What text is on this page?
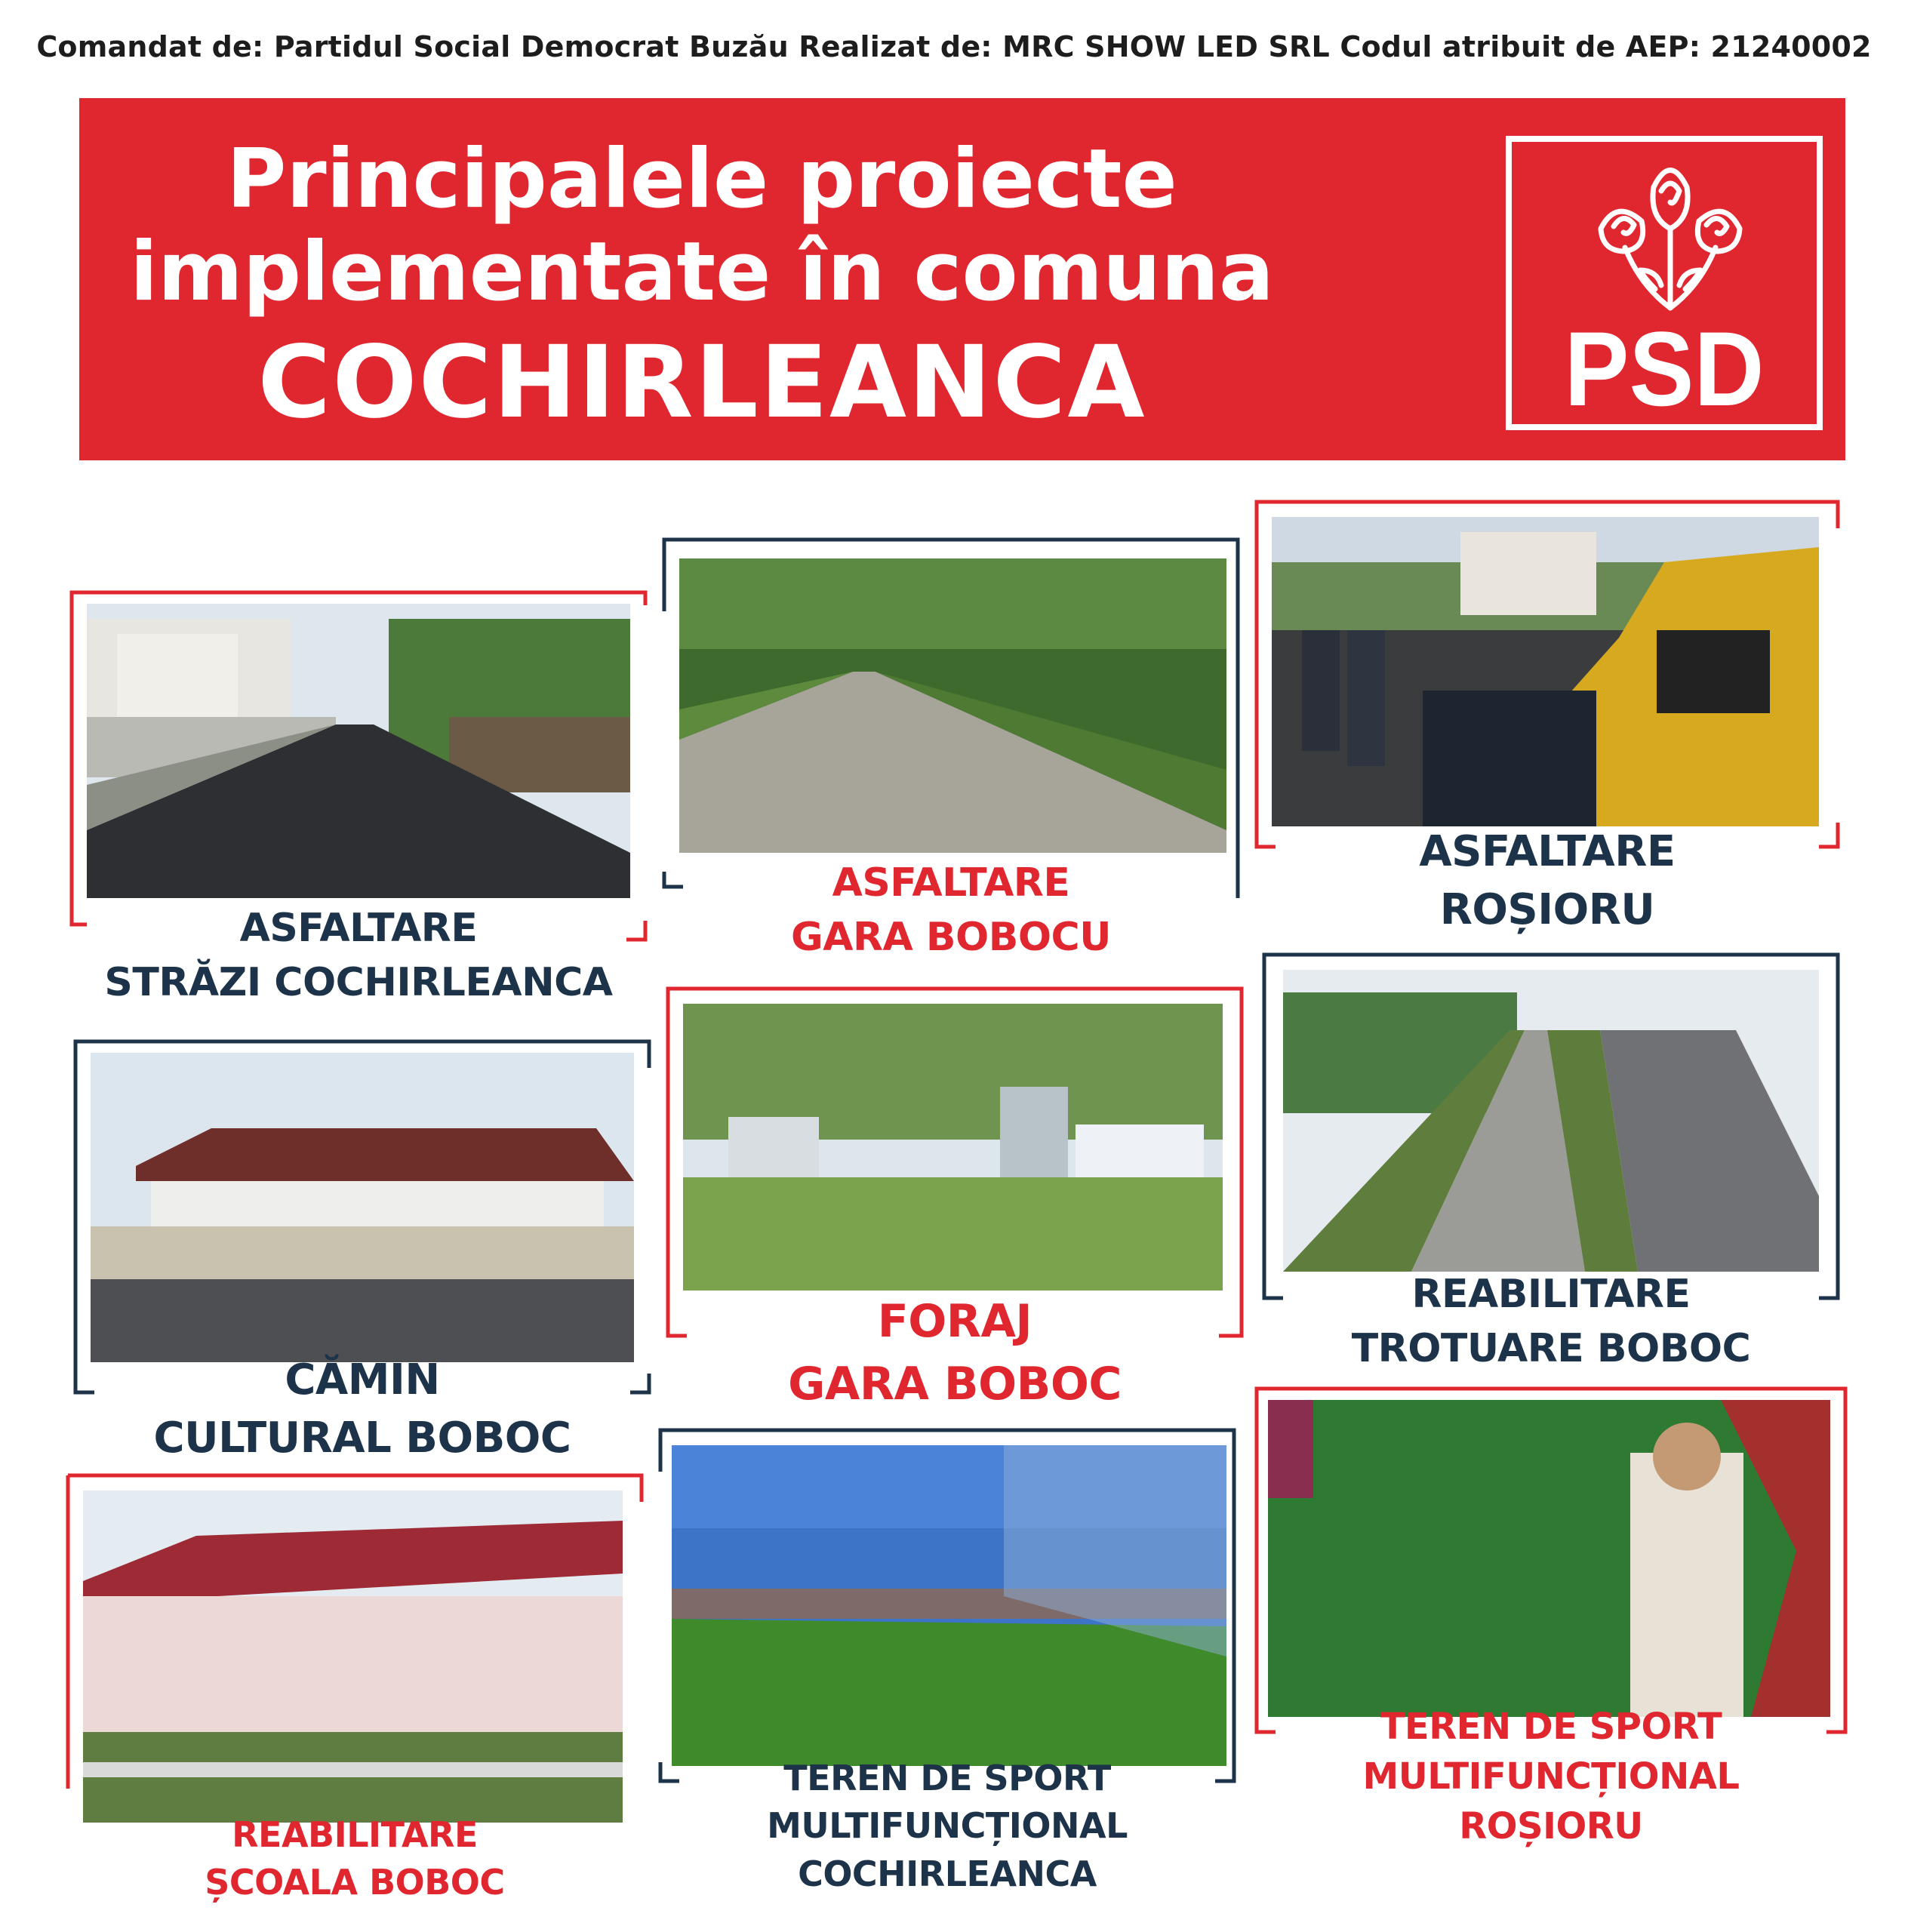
Comandat de: Partidul Social Democrat Buzău Realizat de: MRC SHOW LED SRL Codul atribuit de AEP: 21240002
Principalele proiecte
implementate în comuna
COCHIRLEANCA	PSD
ASFALTARE
STRĂZI COCHIRLEANCA
ASFALTARE
GARA BOBOCU
ASFALTARE
ROȘIORU
CĂMIN
CULTURAL BOBOC
FORAJ
GARA BOBOC
REABILITARE
TROTUARE BOBOC
REABILITARE
ȘCOALA BOBOC
TEREN DE SPORT
MULTIFUNCȚIONAL
COCHIRLEANCA
TEREN DE SPORT
MULTIFUNCȚIONAL
ROȘIORU
